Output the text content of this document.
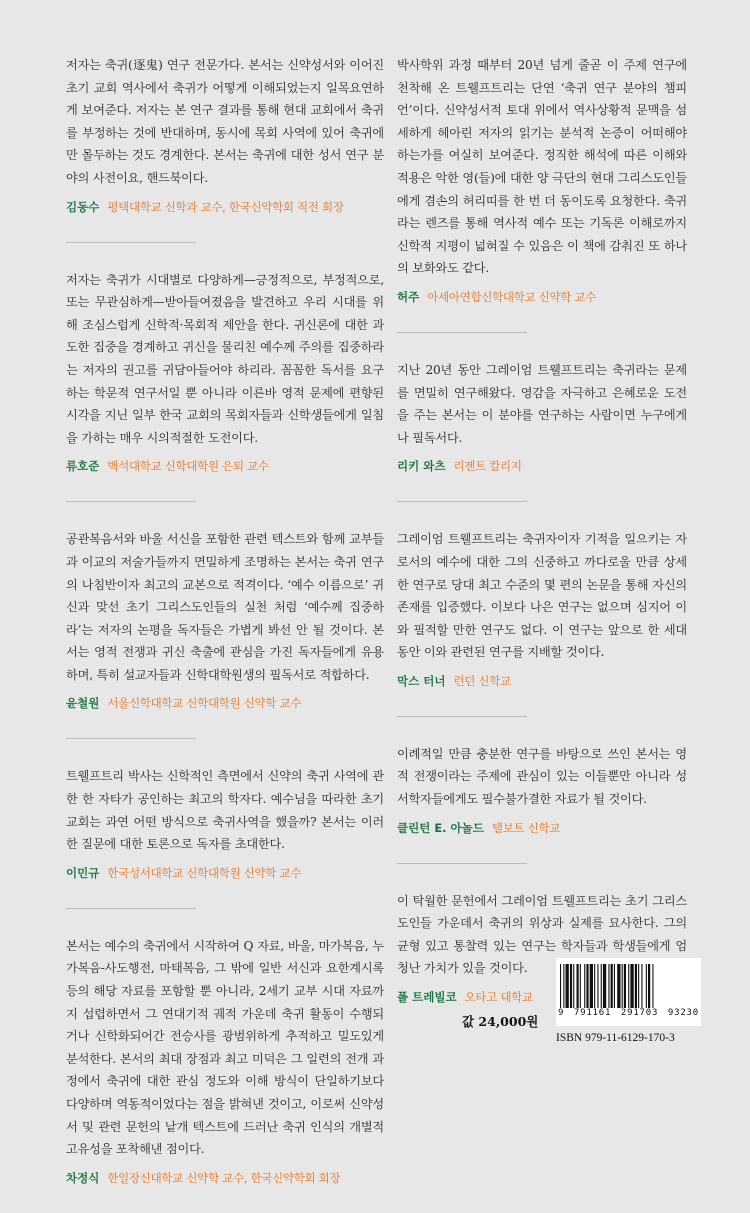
저자는 축귀(逐鬼) 연구 전문가다. 본서는 신약성서와 이어진 초기 교회 역사에서 축귀가 어떻게 이해되었는지 일목요연하게 보여준다. 저자는 본 연구 결과를 통해 현대 교회에서 축귀를 부정하는 것에 반대하며, 동시에 목회 사역에 있어 축귀에만 몰두하는 것도 경계한다. 본서는 축귀에 대한 성서 연구 분야의 사전이요, 핸드북이다.

김동수 평택대학교 신학과 교수, 한국신약학회 직전 회장

저자는 축귀가 시대별로 다양하게—긍정적으로, 부정적으로, 또는 무관심하게—받아들여졌음을 발견하고 우리 시대를 위해 조심스럽게 신학적·목회적 제안을 한다. 귀신론에 대한 과도한 집중을 경계하고 귀신을 물리친 예수께 주의를 집중하라는 저자의 권고를 귀담아들어야 하리라. 꼼꼼한 독서를 요구하는 학문적 연구서일 뿐 아니라 이른바 영적 문제에 편향된 시각을 지닌 일부 한국 교회의 목회자들과 신학생들에게 일침을 가하는 매우 시의적절한 도전이다.

류호준 백석대학교 신학대학원 은퇴 교수

공관복음서와 바울 서신을 포함한 관련 텍스트와 함께 교부들과 이교의 저술가들까지 면밀하게 조명하는 본서는 축귀 연구의 나침반이자 최고의 교본으로 적격이다. ‘예수 이름으로’ 귀신과 맞선 초기 그리스도인들의 실천 처럼 ‘예수께 집중하라’는 저자의 논평을 독자들은 가볍게 봐선 안 될 것이다. 본서는 영적 전쟁과 귀신 축출에 관심을 가진 독자들에게 유용하며, 특히 설교자들과 신학대학원생의 필독서로 적합하다.

윤철원 서울신학대학교 신학대학원 신약학 교수

트웰프트리 박사는 신학적인 측면에서 신약의 축귀 사역에 관한 한 자타가 공인하는 최고의 학자다. 예수님을 따라한 초기 교회는 과연 어떤 방식으로 축귀사역을 했을까? 본서는 이러한 질문에 대한 토론으로 독자를 초대한다.

이민규 한국성서대학교 신학대학원 신약학 교수

본서는 예수의 축귀에서 시작하여 Q 자료, 바울, 마가복음, 누가복음-사도행전, 마태복음, 그 밖에 일반 서신과 요한계시록 등의 해당 자료를 포함할 뿐 아니라, 2세기 교부 시대 자료까지 섭렵하면서 그 연대기적 궤적 가운데 축귀 활동이 수행되거나 신학화되어간 전승사를 광범위하게 추적하고 밀도있게 분석한다. 본서의 최대 장점과 최고 미덕은 그 일련의 전개 과정에서 축귀에 대한 관심 정도와 이해 방식이 단일하기보다 다양하며 역동적이었다는 점을 밝혀낸 것이고, 이로써 신약성서 및 관련 문헌의 낱개 텍스트에 드러난 축귀 인식의 개별적 고유성을 포착해낸 점이다.

차정식 한일장신대학교 신약학 교수, 한국신약학회 회장

박사학위 과정 때부터 20년 넘게 줄곧 이 주제 연구에 천착해 온 트웰프트리는 단연 ‘축귀 연구 분야의 챔피언’이다. 신약성서적 토대 위에서 역사상황적 문맥을 섬세하게 헤아린 저자의 읽기는 분석적 논증이 어떠해야 하는가를 여실히 보여준다. 정직한 해석에 따른 이해와 적용은 악한 영(들)에 대한 양 극단의 현대 그리스도인들에게 겸손의 허리띠를 한 번 더 동이도록 요청한다. 축귀라는 렌즈를 통해 역사적 예수 또는 기독론 이해로까지 신학적 지평이 넓혀질 수 있음은 이 책에 감춰진 또 하나의 보화와도 같다.

허주 아세아연합신학대학교 신약학 교수

지난 20년 동안 그레이엄 트웰프트리는 축귀라는 문제를 면밀히 연구해왔다. 영감을 자극하고 은혜로운 도전을 주는 본서는 이 분야를 연구하는 사람이면 누구에게나 필독서다.

리키 와츠 리젠트 칼리지

그레이엄 트웰프트리는 축귀자이자 기적을 일으키는 자로서의 예수에 대한 그의 신중하고 까다로울 만큼 상세한 연구로 당대 최고 수준의 몇 편의 논문을 통해 자신의 존재를 입증했다. 이보다 나은 연구는 없으며 심지어 이와 필적할 만한 연구도 없다. 이 연구는 앞으로 한 세대 동안 이와 관련된 연구를 지배할 것이다.

막스 터너 런던 신학교

이례적일 만큼 충분한 연구를 바탕으로 쓰인 본서는 영적 전쟁이라는 주제에 관심이 있는 이들뿐만 아니라 성서학자들에게도 필수불가결한 자료가 될 것이다.

클린턴 E. 아놀드 탤보트 신학교

이 탁월한 문헌에서 그레이엄 트웰프트리는 초기 그리스도인들 가운데서 축귀의 위상과 실제를 묘사한다. 그의 균형 있고 통찰력 있는 연구는 학자들과 학생들에게 엄청난 가치가 있을 것이다.

폴 트레빌코 오타고 대학교
9 791161 291703 93230
값 24,000원
ISBN 979-11-6129-170-3
